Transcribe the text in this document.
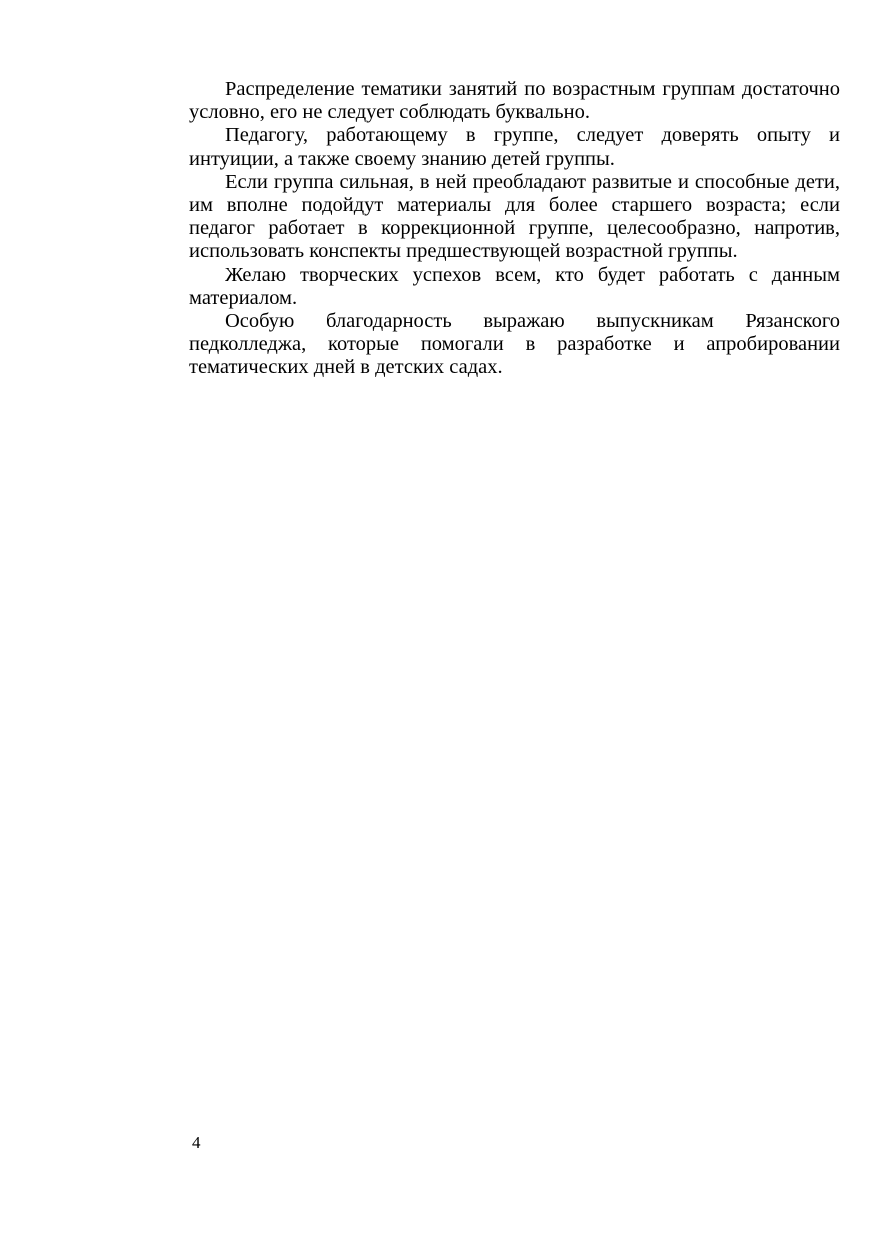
Распределение тематики занятий по возрастным группам достаточно условно, его не следует соблюдать буквально.

Педагогу, работающему в группе, следует доверять опыту и интуиции, а также своему знанию детей группы.

Если группа сильная, в ней преобладают развитые и способные дети, им вполне подойдут материалы для более старшего возраста; если педагог работает в коррекционной группе, целесообразно, напротив, использовать конспекты предшествующей возрастной группы.

Желаю творческих успехов всем, кто будет работать с данным материалом.

Особую благодарность выражаю выпускникам Рязанского педколледжа, которые помогали в разработке и апробировании тематических дней в детских садах.

4
